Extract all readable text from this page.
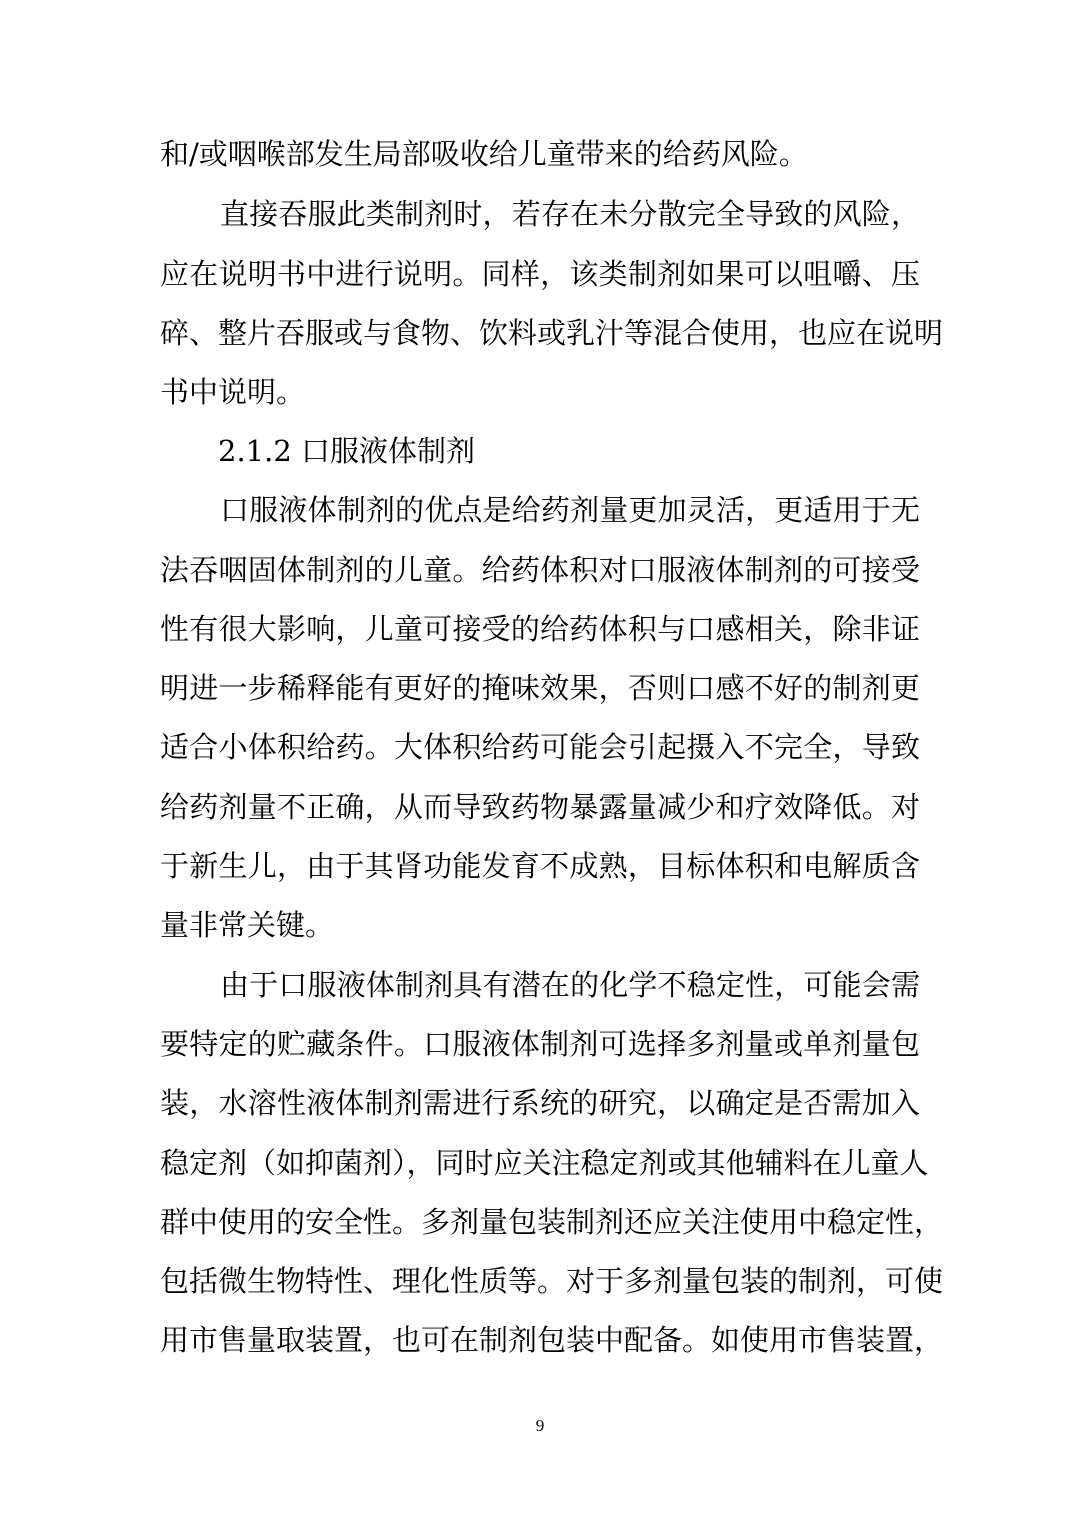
和/或咽喉部发生局部吸收给儿童带来的给药风险。
直接吞服此类制剂时，若存在未分散完全导致的风险，
应在说明书中进行说明。同样，该类制剂如果可以咀嚼、压
碎、整片吞服或与食物、饮料或乳汁等混合使用，也应在说明
书中说明。
2.1.2 口服液体制剂
口服液体制剂的优点是给药剂量更加灵活，更适用于无
法吞咽固体制剂的儿童。给药体积对口服液体制剂的可接受
性有很大影响，儿童可接受的给药体积与口感相关，除非证
明进一步稀释能有更好的掩味效果，否则口感不好的制剂更
适合小体积给药。大体积给药可能会引起摄入不完全，导致
给药剂量不正确，从而导致药物暴露量减少和疗效降低。对
于新生儿，由于其肾功能发育不成熟，目标体积和电解质含
量非常关键。
由于口服液体制剂具有潜在的化学不稳定性，可能会需
要特定的贮藏条件。口服液体制剂可选择多剂量或单剂量包
装，水溶性液体制剂需进行系统的研究，以确定是否需加入
稳定剂（如抑菌剂），同时应关注稳定剂或其他辅料在儿童人
群中使用的安全性。多剂量包装制剂还应关注使用中稳定性，
包括微生物特性、理化性质等。对于多剂量包装的制剂，可使
用市售量取装置，也可在制剂包装中配备。如使用市售装置，
9
